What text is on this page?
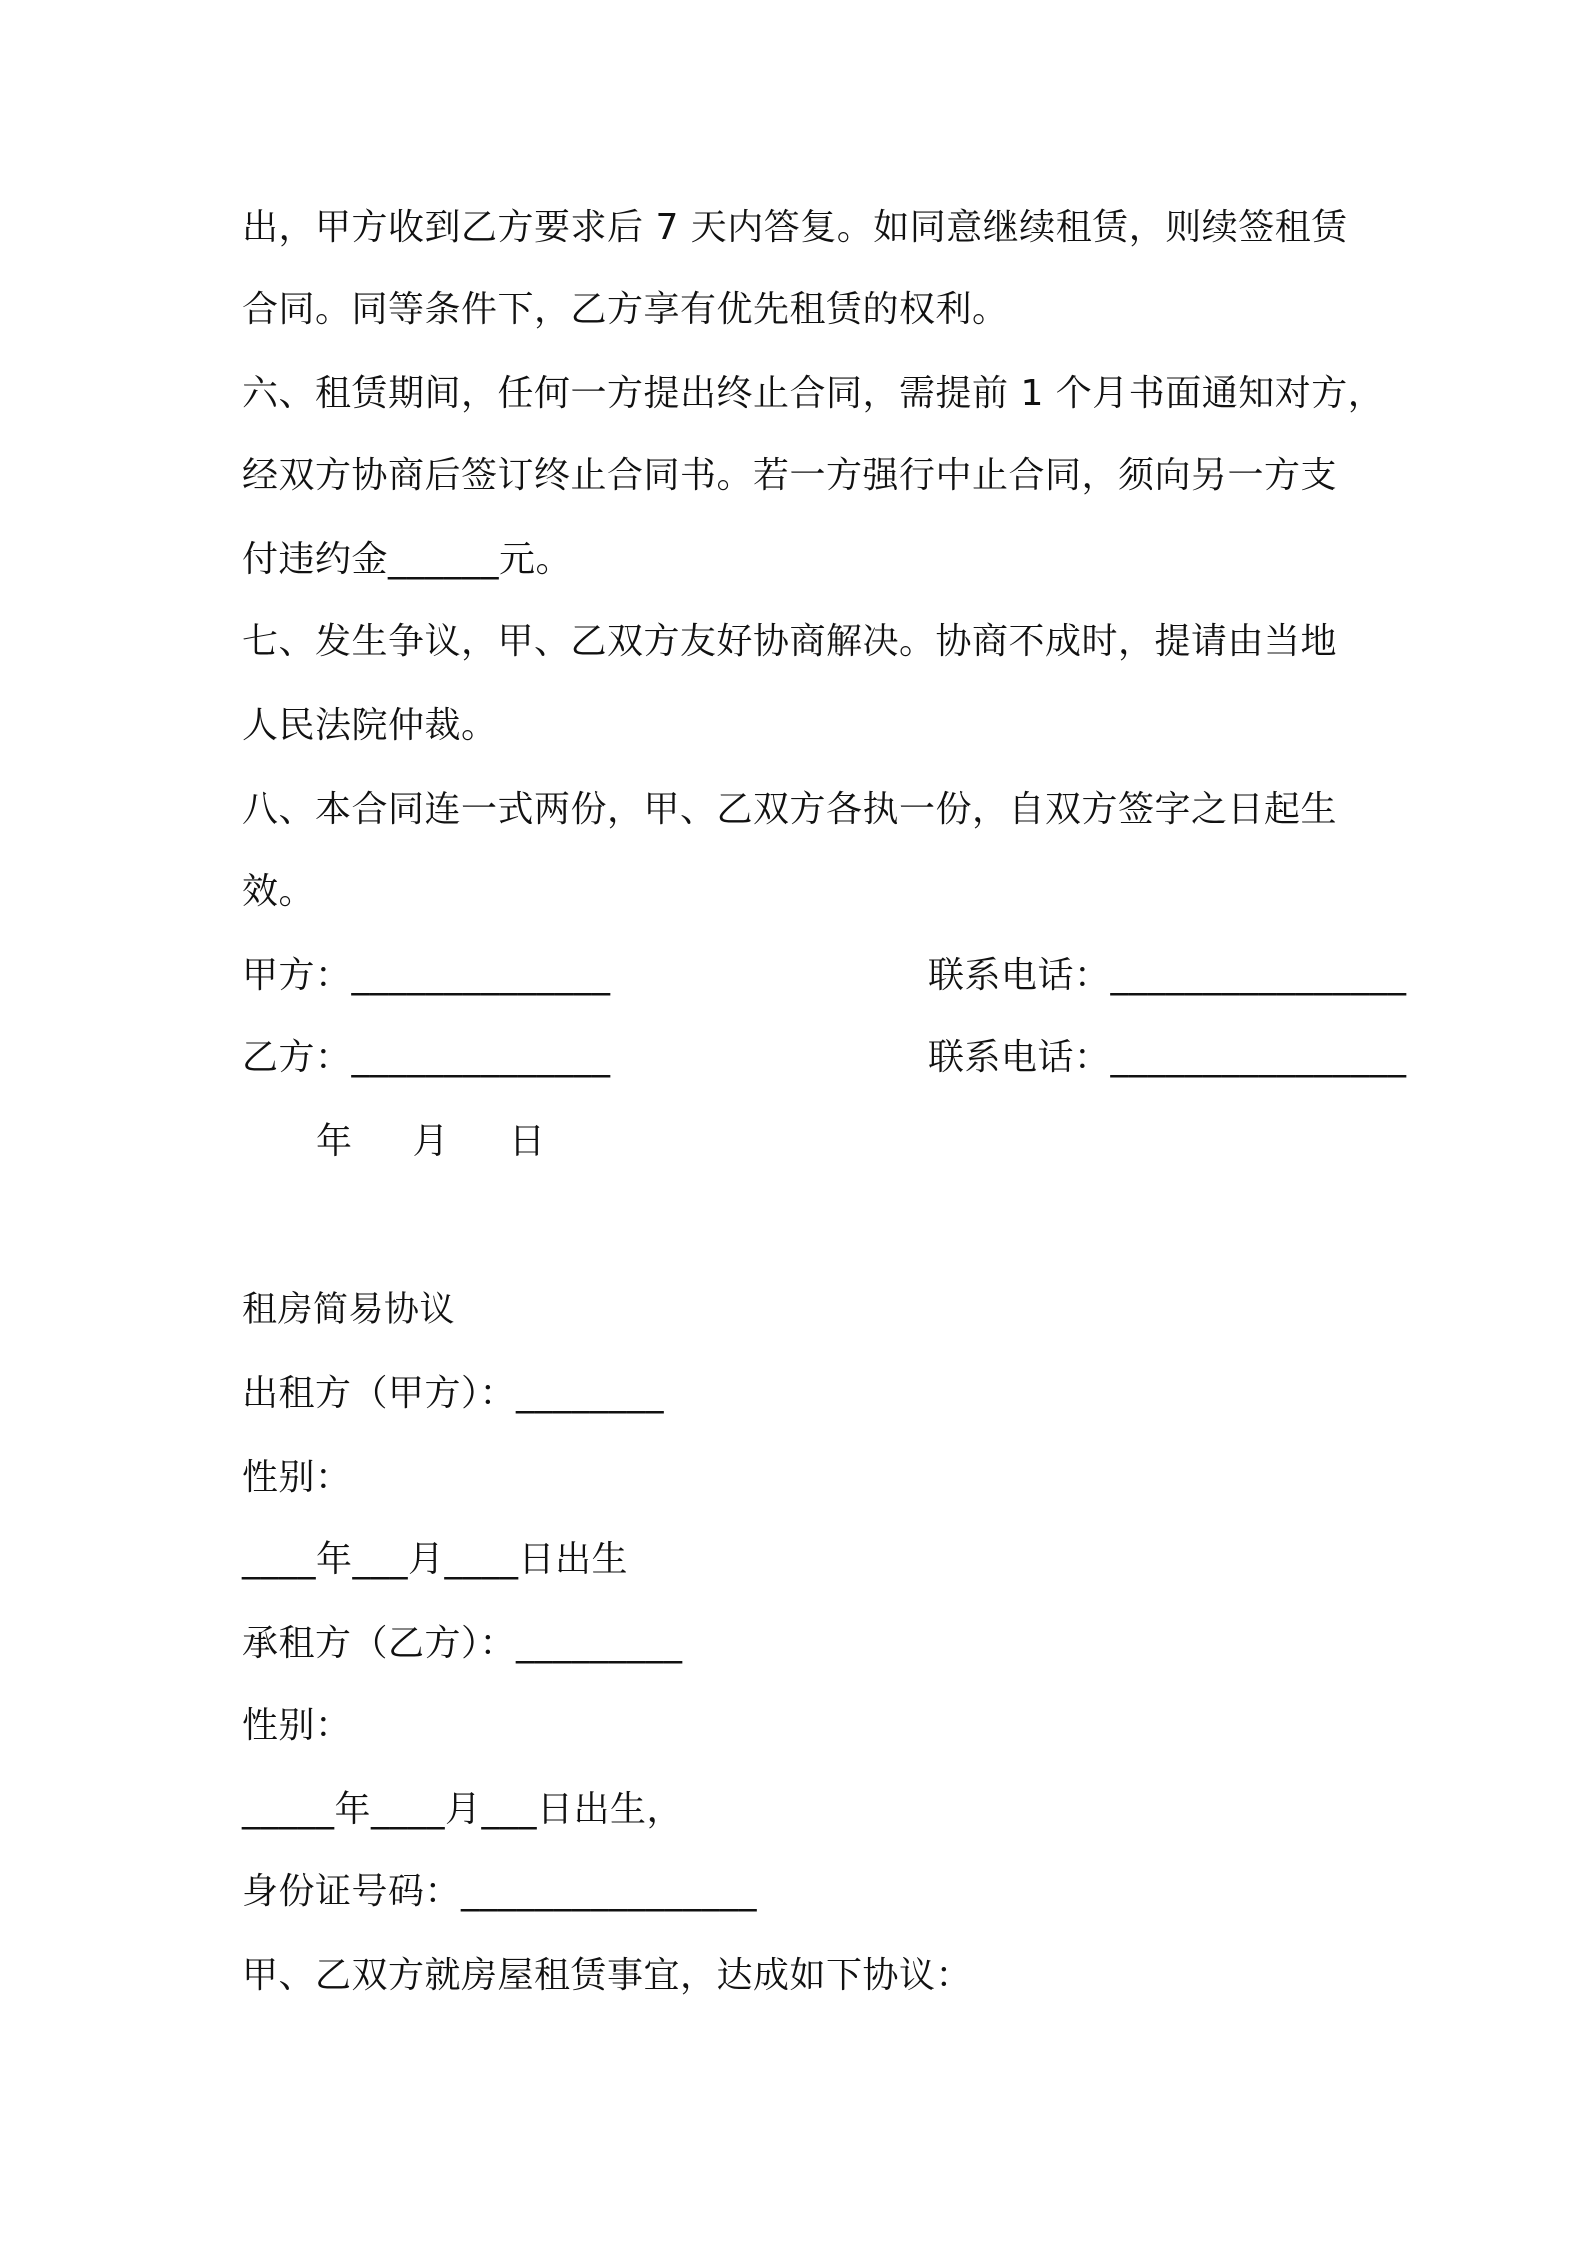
出，甲方收到乙方要求后 7 天内答复。如同意继续租赁，则续签租赁
合同。同等条件下，乙方享有优先租赁的权利。
六、租赁期间，任何一方提出终止合同，需提前 1 个月书面通知对方，
经双方协商后签订终止合同书。若一方强行中止合同，须向另一方支
付违约金______元。
七、发生争议，甲、乙双方友好协商解决。协商不成时，提请由当地
人民法院仲裁。
八、本合同连一式两份，甲、乙双方各执一份，自双方签字之日起生
效。
甲方：______________	联系电话：________________
乙方：______________	联系电话：________________
年 月 日
租房简易协议
出租方（甲方）：________
性别：
____年___月____日出生
承租方（乙方）：_________
性别：
_____年____月___日出生，
身份证号码：________________
甲、乙双方就房屋租赁事宜，达成如下协议：
